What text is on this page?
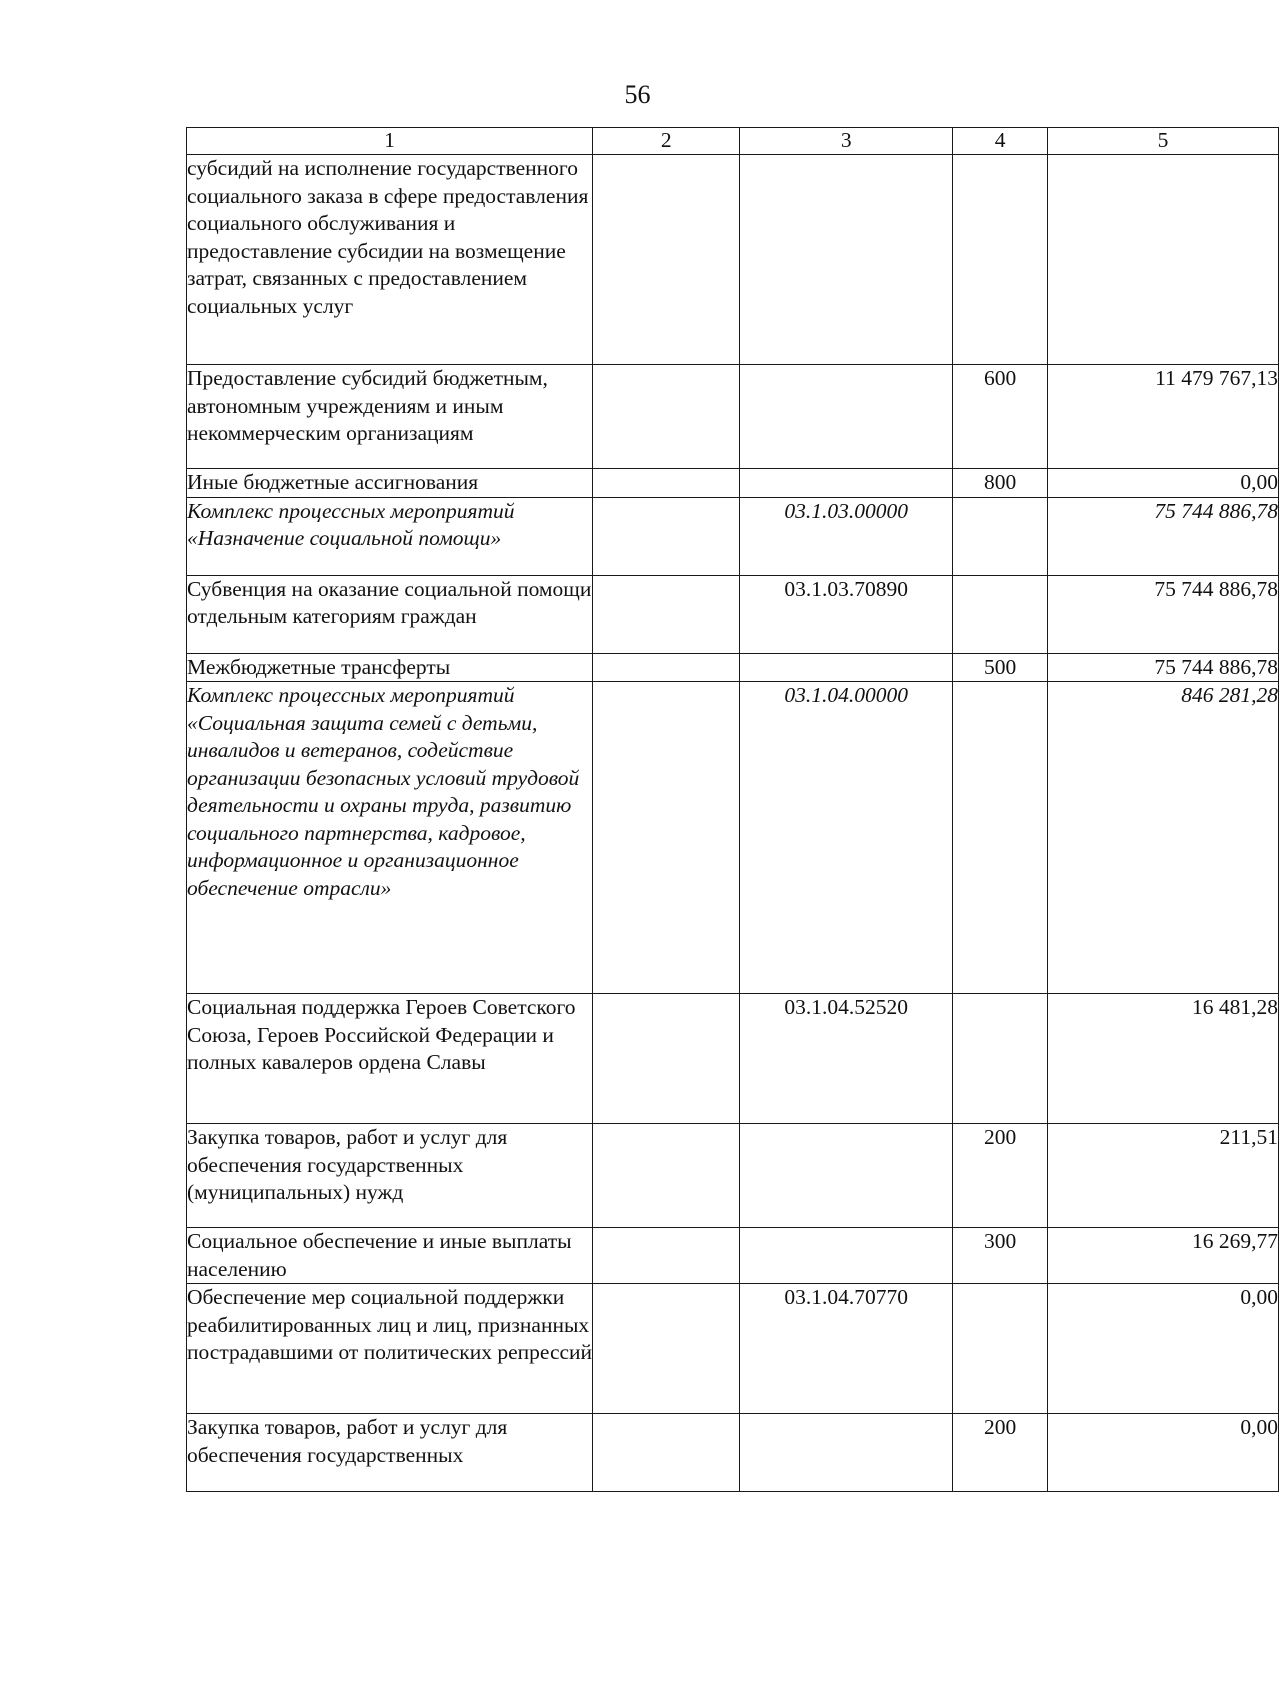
56
1	2	3	4	5
субсидий на исполнение государственного социального заказа в сфере предоставления социального обслуживания и предоставление субсидии на возмещение затрат, связанных с предоставлением социальных услуг				
Предоставление субсидий бюджетным, автономным учреждениям и иным некоммерческим организациям			600	11 479 767,13
Иные бюджетные ассигнования			800	0,00
Комплекс процессных мероприятий «Назначение социальной помощи»		03.1.03.00000		75 744 886,78
Субвенция на оказание социальной помощи отдельным категориям граждан		03.1.03.70890		75 744 886,78
Межбюджетные трансферты			500	75 744 886,78
Комплекс процессных мероприятий «Социальная защита семей с детьми, инвалидов и ветеранов, содействие организации безопасных условий трудовой деятельности и охраны труда, развитию социального партнерства, кадровое, информационное и организационное обеспечение отрасли»		03.1.04.00000		846 281,28
Социальная поддержка Героев Советского Союза, Героев Российской Федерации и полных кавалеров ордена Славы		03.1.04.52520		16 481,28
Закупка товаров, работ и услуг для обеспечения государственных (муниципальных) нужд			200	211,51
Социальное обеспечение и иные выплаты населению			300	16 269,77
Обеспечение мер социальной поддержки реабилитированных лиц и лиц, признанных пострадавшими от политических репрессий		03.1.04.70770		0,00
Закупка товаров, работ и услуг для обеспечения государственных			200	0,00
